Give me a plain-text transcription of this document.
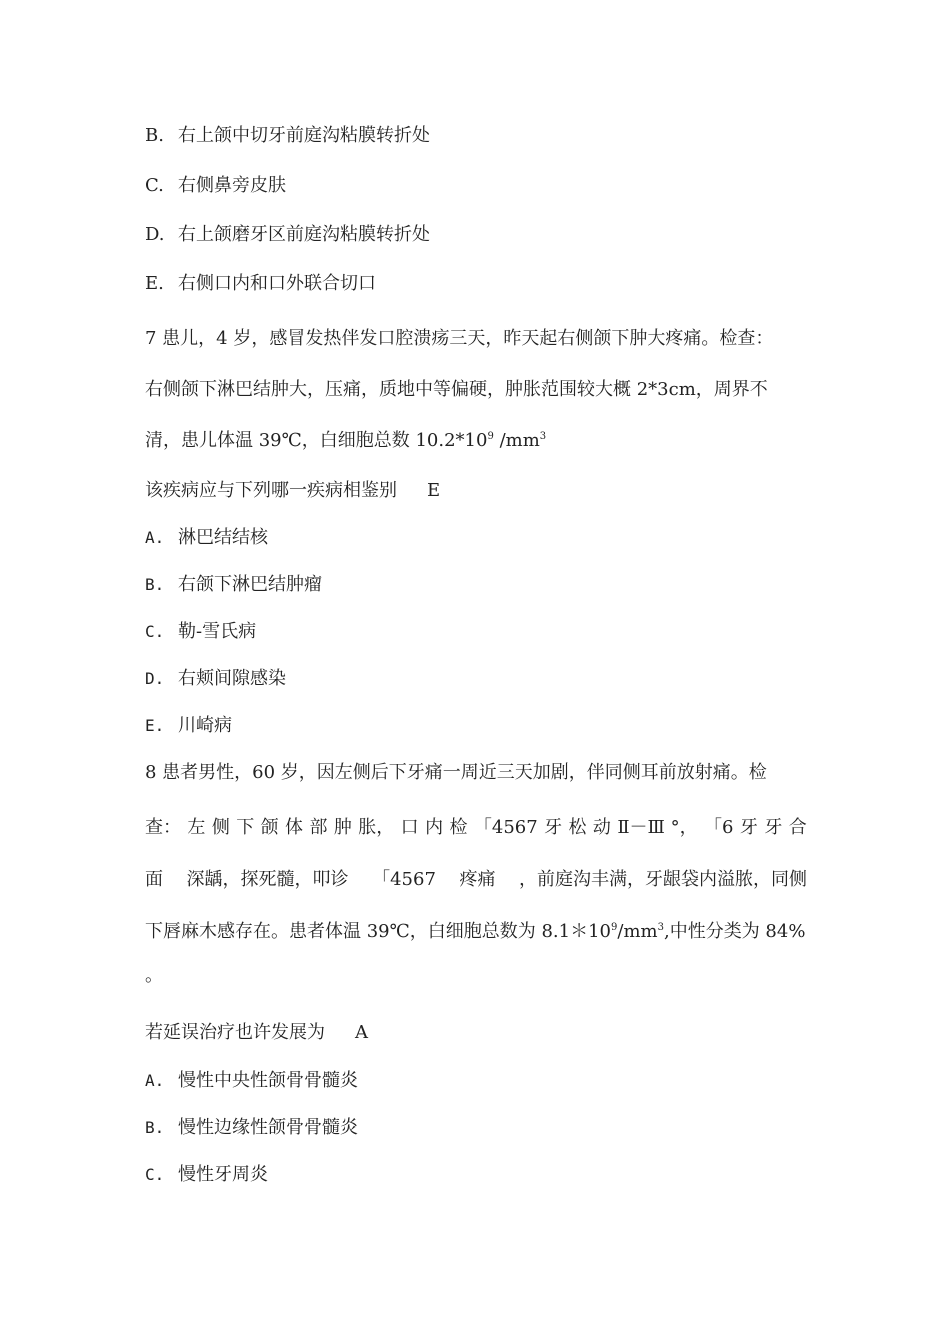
B. 右上颌中切牙前庭沟粘膜转折处
C. 右侧鼻旁皮肤
D. 右上颌磨牙区前庭沟粘膜转折处
E. 右侧口内和口外联合切口
7 患儿，4 岁，感冒发热伴发口腔溃疡三天，昨天起右侧颌下肿大疼痛。检查：
右侧颌下淋巴结肿大，压痛，质地中等偏硬，肿胀范围较大概 2*3cm，周界不
清，患儿体温 39℃，白细胞总数 $10.2*10^9$ $/mm^3$
该疾病应与下列哪一疾病相鉴别 E
A. 淋巴结结核
B. 右颌下淋巴结肿瘤
C. 勒-雪氏病
D. 右颊间隙感染
E. 川崎病
8 患者男性，60 岁，因左侧后下牙痛一周近三天加剧，伴同侧耳前放射痛。检
查： 左 侧 下 颌 体 部 肿 胀， 口 内 检 「4567 牙 松 动 Ⅱ－Ⅲ °， 「6 牙 牙 合
面 深龋，探死髓，叩诊 「4567 疼痛 ，前庭沟丰满，牙龈袋内溢脓，同侧
下唇麻木感存在。患者体温 39℃，白细胞总数为 $8.1*10^9/mm^3$,中性分类为 84%
。
若延误治疗也许发展为 A
A. 慢性中央性颌骨骨髓炎
B. 慢性边缘性颌骨骨髓炎
C. 慢性牙周炎
